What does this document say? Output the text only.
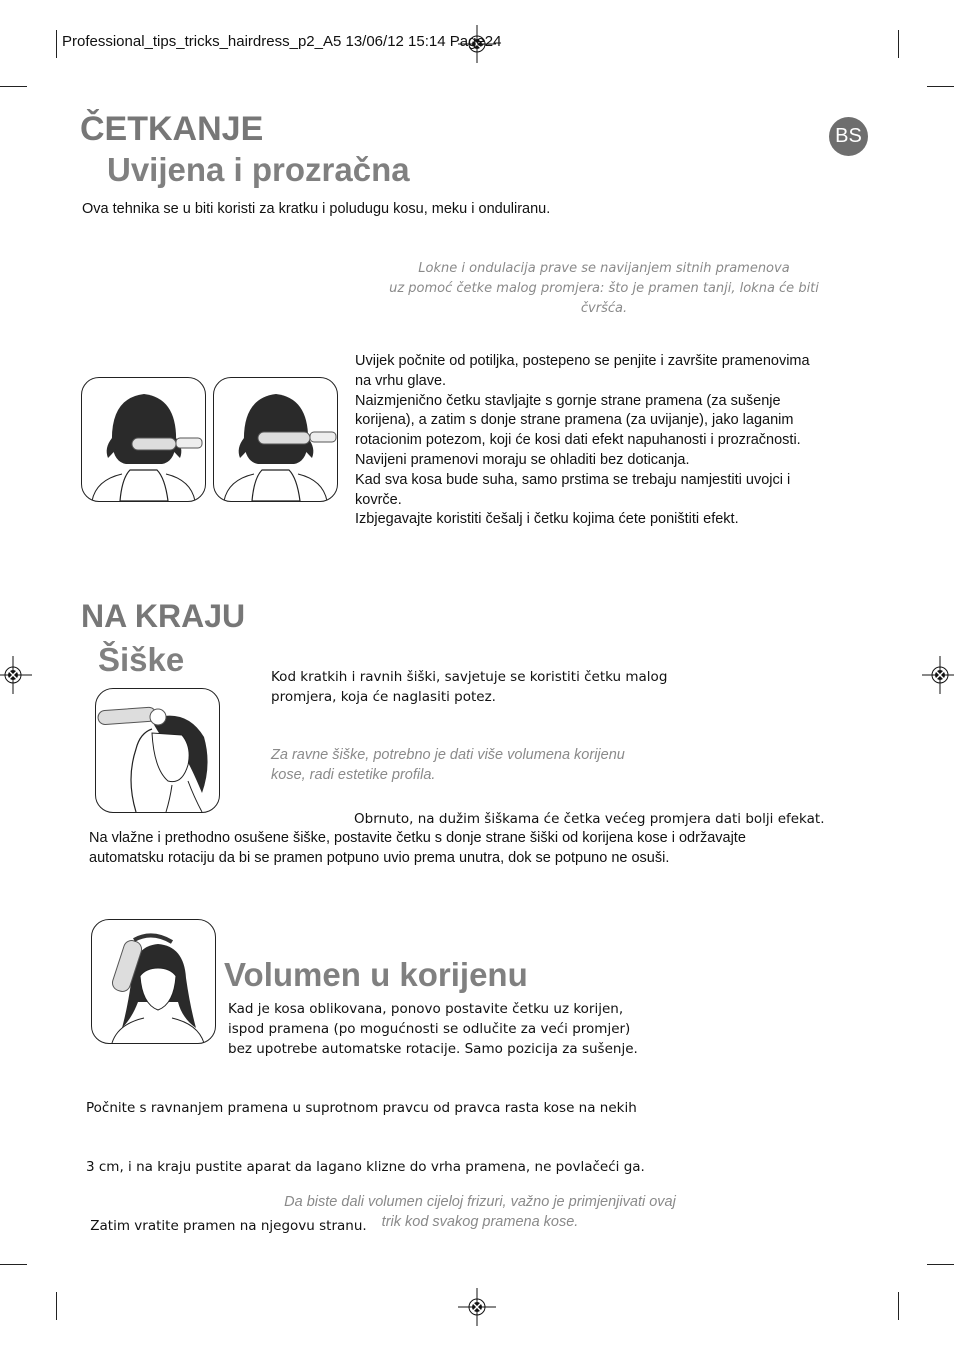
Professional_tips_tricks_hairdress_p2_A5 13/06/12 15:14 Page24
BS
ČETKANJE
Uvijena i prozračna
Ova tehnika se u biti koristi za kratku i poludugu kosu, meku i onduliranu.
Lokne i ondulacija prave se navijanjem sitnih pramenova
uz pomoć četke malog promjera: što je pramen tanji, lokna će biti čvršća.

Uvijek počnite od potiljka, postepeno se penjite i završite pramenovima

na vrhu glave.

Naizmjenično četku stavljajte s gornje strane pramena (za sušenje

korijena), a zatim s donje strane pramena (za uvijanje), jako laganim

rotacionim potezom, koji će kosi dati efekt napuhanosti i prozračnosti.

Navijeni pramenovi moraju se ohladiti bez doticanja.

Kad sva kosa bude suha, samo prstima se trebaju namjestiti uvojci i

kovrče.

Izbjegavajte koristiti češalj i četku kojima ćete poništiti efekt.

NA KRAJU
Šiške	Kod kratkih i ravnih šiški, savjetuje se koristiti četku malog

promjera, koja će naglasiti potez.

Za ravne šiške, potrebno je dati više volumena korijenu
kose, radi estetike profila.
Obrnuto, na dužim šiškama će četka većeg promjera dati bolji efekat.

Na vlažne i prethodno osušene šiške, postavite četku s donje strane šiški od korijena kose i održavajte

automatsku rotaciju da bi se pramen potpuno uvio prema unutra, dok se potpuno ne osuši.

Volumen u korijenu

Kad je kosa oblikovana, ponovo postavite četku uz korijen,

ispod pramena (po mogućnosti se odlučite za veći promjer)

bez upotrebe automatske rotacije. Samo pozicija za sušenje.

Počnite s ravnanjem pramena u suprotnom pravcu od pravca rasta kose na nekih

3 cm, i na kraju pustite aparat da lagano klizne do vrha pramena, ne povlačeći ga.

Zatim vratite pramen na njegovu stranu.

Da biste dali volumen cijeloj frizuri, važno je primjenjivati ovaj
trik kod svakog pramena kose.
